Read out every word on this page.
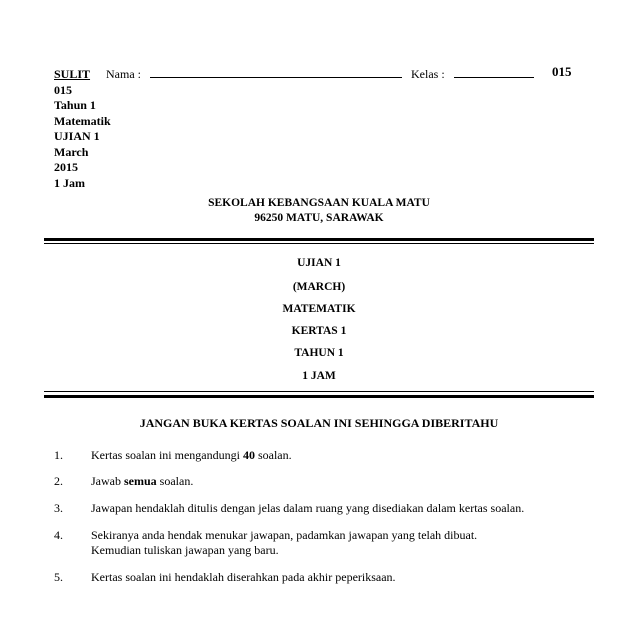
SULIT
015
Tahun 1
Matematik
UJIAN 1
March
2015
1 Jam
Nama :	Kelas :	015
SEKOLAH KEBANGSAAN KUALA MATU
96250 MATU, SARAWAK
UJIAN 1
(MARCH)
MATEMATIK
KERTAS 1
TAHUN 1
1 JAM
JANGAN BUKA KERTAS SOALAN INI SEHINGGA DIBERITAHU
1. Kertas soalan ini mengandungi 40 soalan.
2. Jawab semua soalan.
3. Jawapan hendaklah ditulis dengan jelas dalam ruang yang disediakan dalam kertas soalan.
4. Sekiranya anda hendak menukar jawapan, padamkan jawapan yang telah dibuat.
Kemudian tuliskan jawapan yang baru.
5. Kertas soalan ini hendaklah diserahkan pada akhir peperiksaan.
